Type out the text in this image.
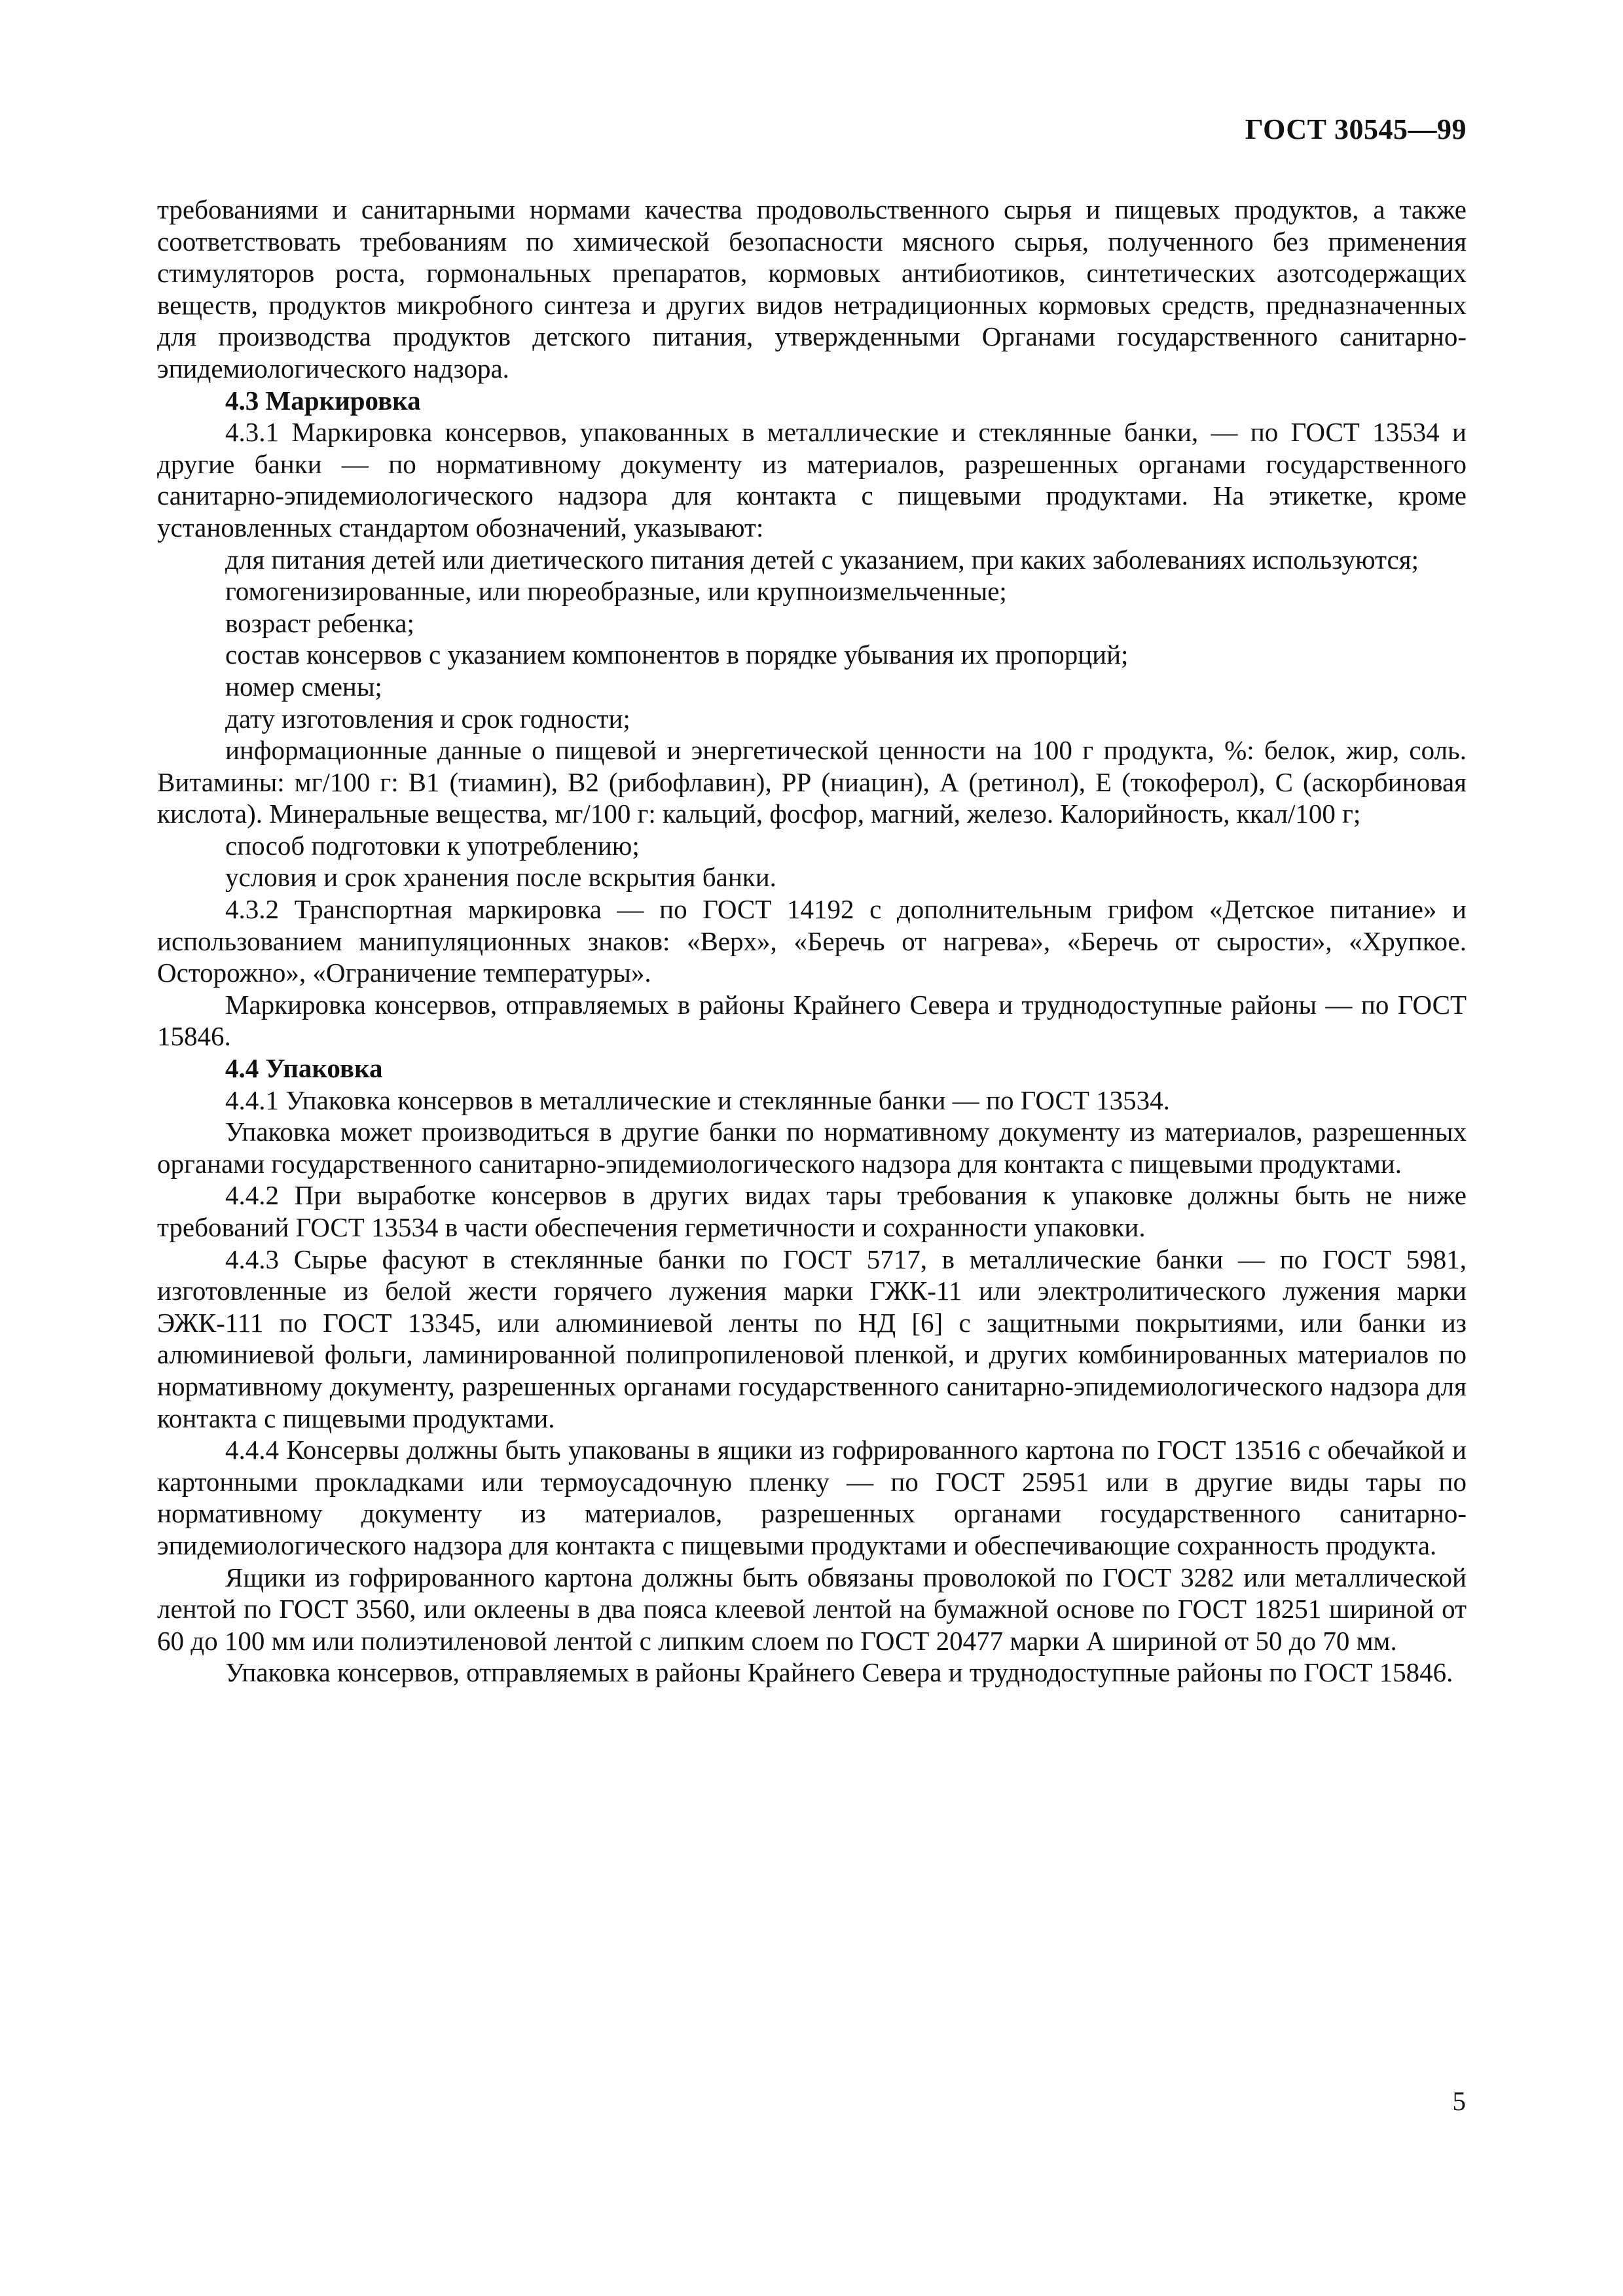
ГОСТ 30545—99

требованиями и санитарными нормами качества продовольственного сырья и пищевых продуктов, а также соответствовать требованиям по химической безопасности мясного сырья, полученного без применения стимуляторов роста, гормональных препаратов, кормовых антибиотиков, синтетических азотсодержащих веществ, продуктов микробного синтеза и других видов нетрадиционных кормовых средств, предназначенных для производства продуктов детского питания, утвержденными Органами государственного санитарно-эпидемиологического надзора.

4.3 Маркировка

4.3.1 Маркировка консервов, упакованных в металлические и стеклянные банки, — по ГОСТ 13534 и другие банки — по нормативному документу из материалов, разрешенных органами государственного санитарно-эпидемиологического надзора для контакта с пищевыми продуктами. На этикетке, кроме установленных стандартом обозначений, указывают:

для питания детей или диетического питания детей с указанием, при каких заболеваниях используются;

гомогенизированные, или пюреобразные, или крупноизмельченные;

возраст ребенка;

состав консервов с указанием компонентов в порядке убывания их пропорций;

номер смены;

дату изготовления и срок годности;

информационные данные о пищевой и энергетической ценности на 100 г продукта, %: белок, жир, соль. Витамины: мг/100 г: В1 (тиамин), В2 (рибофлавин), РР (ниацин), А (ретинол), Е (токоферол), С (аскорбиновая кислота). Минеральные вещества, мг/100 г: кальций, фосфор, магний, железо. Калорийность, ккал/100 г;

способ подготовки к употреблению;

условия и срок хранения после вскрытия банки.

4.3.2 Транспортная маркировка — по ГОСТ 14192 с дополнительным грифом «Детское питание» и использованием манипуляционных знаков: «Верх», «Беречь от нагрева», «Беречь от сырости», «Хрупкое. Осторожно», «Ограничение температуры».

Маркировка консервов, отправляемых в районы Крайнего Севера и труднодоступные районы — по ГОСТ 15846.

4.4 Упаковка

4.4.1 Упаковка консервов в металлические и стеклянные банки — по ГОСТ 13534.

Упаковка может производиться в другие банки по нормативному документу из материалов, разрешенных органами государственного санитарно-эпидемиологического надзора для контакта с пищевыми продуктами.

4.4.2 При выработке консервов в других видах тары требования к упаковке должны быть не ниже требований ГОСТ 13534 в части обеспечения герметичности и сохранности упаковки.

4.4.3 Сырье фасуют в стеклянные банки по ГОСТ 5717, в металлические банки — по ГОСТ 5981, изготовленные из белой жести горячего лужения марки ГЖК-11 или электролитического лужения марки ЭЖК-111 по ГОСТ 13345, или алюминиевой ленты по НД [6] с защитными покрытиями, или банки из алюминиевой фольги, ламинированной полипропиленовой пленкой, и других комбинированных материалов по нормативному документу, разрешенных органами государственного санитарно-эпидемиологического надзора для контакта с пищевыми продуктами.

4.4.4 Консервы должны быть упакованы в ящики из гофрированного картона по ГОСТ 13516 с обечайкой и картонными прокладками или термоусадочную пленку — по ГОСТ 25951 или в другие виды тары по нормативному документу из материалов, разрешенных органами государственного санитарно-эпидемиологического надзора для контакта с пищевыми продуктами и обеспечивающие сохранность продукта.

Ящики из гофрированного картона должны быть обвязаны проволокой по ГОСТ 3282 или металлической лентой по ГОСТ 3560, или оклеены в два пояса клеевой лентой на бумажной основе по ГОСТ 18251 шириной от 60 до 100 мм или полиэтиленовой лентой с липким слоем по ГОСТ 20477 марки А шириной от 50 до 70 мм.

Упаковка консервов, отправляемых в районы Крайнего Севера и труднодоступные районы по ГОСТ 15846.

5
